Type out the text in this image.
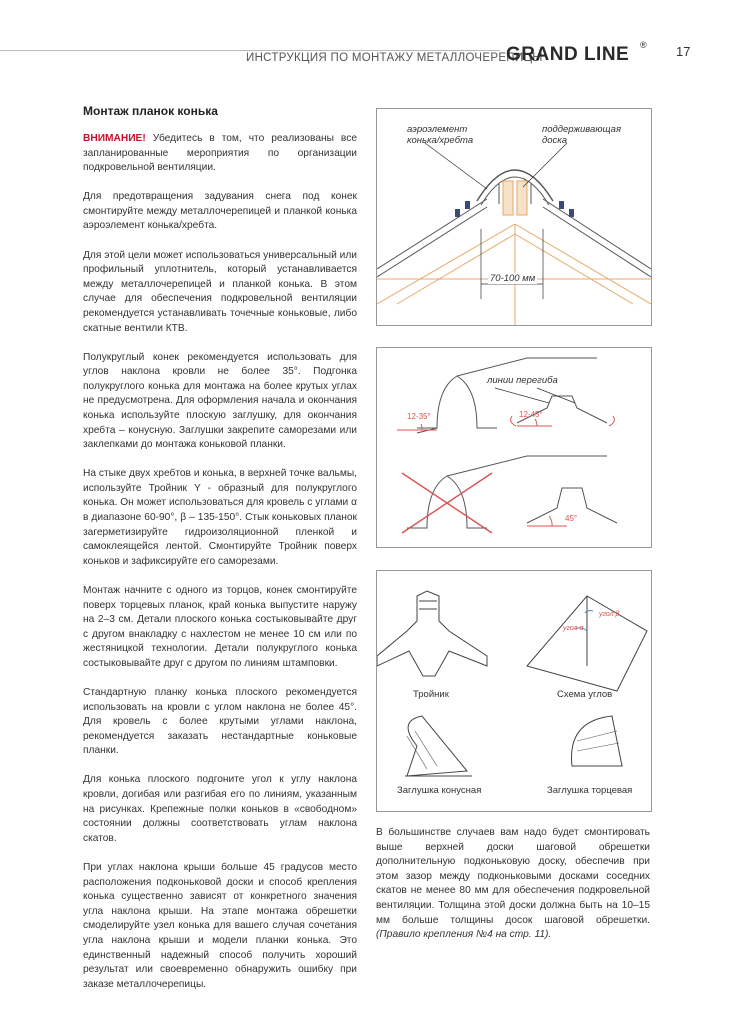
ИНСТРУКЦИЯ ПО МОНТАЖУ МЕТАЛЛОЧЕРЕПИЦЫ
GRAND LINE ® 17
Монтаж планок конька

ВНИМАНИЕ! Убедитесь в том, что реализованы все запланированные мероприятия по организации подкровельной вентиляции.

Для предотвращения задувания снега под конек смонтируйте между металлочерепицей и планкой конька аэроэлемент конька/хребта.

Для этой цели может использоваться универсальный или профильный уплотнитель, который устанавливается между металлочерепицей и планкой конька. В этом случае для обеспечения подкровельной вентиляции рекомендуется устанавливать точечные коньковые, либо скатные вентили КТВ.

Полукруглый конек рекомендуется использовать для углов наклона кровли не более 35°. Подгонка полукруглого конька для монтажа на более крутых углах не предусмотрена. Для оформления начала и окончания конька используйте плоскую заглушку, для окончания хребта – конусную. Заглушки закрепите саморезами или заклепками до монтажа коньковой планки.

На стыке двух хребтов и конька, в верхней точке вальмы, используйте Тройник Y - образный для полукруглого конька. Он может использоваться для кровель с углами α в диапазоне 60-90°, β – 135-150°. Стык коньковых планок загерметизируйте гидроизоляционной пленкой и самоклеящейся лентой. Смонтируйте Тройник поверх коньков и зафиксируйте его саморезами.

Монтаж начните с одного из торцов, конек смонтируйте поверх торцевых планок, край конька выпустите наружу на 2–3 см. Детали плоского конька состыковывайте друг с другом внакладку с нахлестом не менее 10 см или по жестяницкой технологии. Детали полукруглого конька состыковывайте друг с другом по линиям штамповки.

Стандартную планку конька плоского рекомендуется использовать на кровли с углом наклона не более 45°. Для кровель с более крутыми углами наклона, рекомендуется заказать нестандартные коньковые планки.

Для конька плоского подгоните угол к углу наклона кровли, догибая или разгибая его по линиям, указанным на рисунках. Крепежные полки коньков в «свободном» состоянии должны соответствовать углам наклона скатов.

При углах наклона крыши больше 45 градусов место расположения подконьковой доски и способ крепления конька существенно зависят от конкретного значения угла наклона крыши. На этапе монтажа обрешетки смоделируйте узел конька для вашего случая сочетания угла наклона крыши и модели планки конька. Это единственный надежный способ получить хороший результат или своевременно обнаружить ошибку при заказе металлочерепицы.

аэроэлемент
конька/хребта
поддерживающая
доска
70-100 мм
линии перегиба
12-35°	12-45°
45°
угол β
угол α
Тройник	Схема углов
Заглушка конусная	Заглушка торцевая
В большинстве случаев вам надо будет смонтировать выше верхней доски шаговой обрешетки дополнительную подконьковую доску, обеспечив при этом зазор между подконьковыми досками соседних скатов не менее 80 мм для обеспечения подкровельной вентиляции. Толщина этой доски должна быть на 10–15 мм больше толщины досок шаговой обрешетки. (Правило крепления №4 на стр. 11).
